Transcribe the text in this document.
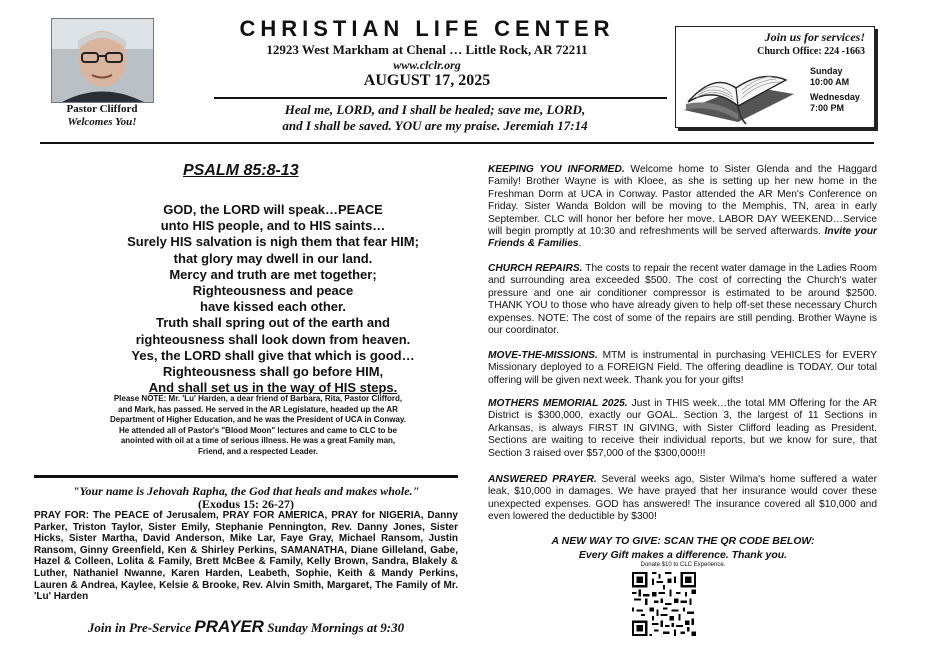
Pastor Clifford
Welcomes You!
CHRISTIAN LIFE CENTER
12923 West Markham at Chenal … Little Rock, AR 72211
www.clclr.org
AUGUST 17, 2025
Heal me, LORD, and I shall be healed; save me, LORD,
and I shall be saved. YOU are my praise. Jeremiah 17:14
Join us for services!
Church Office: 224 -1663
Sunday
10:00 AM
Wednesday
7:00 PM
PSALM 85:8-13
GOD, the LORD will speak…PEACE
unto HIS people, and to HIS saints…
Surely HIS salvation is nigh them that fear HIM;
that glory may dwell in our land.
Mercy and truth are met together;
Righteousness and peace
have kissed each other.
Truth shall spring out of the earth and
righteousness shall look down from heaven.
Yes, the LORD shall give that which is good…
Righteousness shall go before HIM,
And shall set us in the way of HIS steps.
Please NOTE: Mr. 'Lu' Harden, a dear friend of Barbara, Rita, Pastor Clifford, and Mark, has passed. He served in the AR Legislature, headed up the AR Department of Higher Education, and he was the President of UCA in Conway. He attended all of Pastor's "Blood Moon" lectures and came to CLC to be anointed with oil at a time of serious illness. He was a great Family man, Friend, and a respected Leader.
"Your name is Jehovah Rapha, the God that heals and makes whole."
(Exodus 15: 26-27)
PRAY FOR: The PEACE of Jerusalem, PRAY FOR AMERICA, PRAY for NIGERIA, Danny Parker, Triston Taylor, Sister Emily, Stephanie Pennington, Rev. Danny Jones, Sister Hicks, Sister Martha, David Anderson, Mike Lar, Faye Gray, Michael Ransom, Justin Ransom, Ginny Greenfield, Ken & Shirley Perkins, SAMANATHA, Diane Gilleland, Gabe, Hazel & Colleen, Lolita & Family, Brett McBee & Family, Kelly Brown, Sandra, Blakely & Luther, Nathaniel Nwanne, Karen Harden, Leabeth, Sophie, Keith & Mandy Perkins, Lauren & Andrea, Kaylee, Kelsie & Brooke, Rev. Alvin Smith, Margaret, The Family of Mr. 'Lu' Harden
Join in Pre-Service PRAYER Sunday Mornings at 9:30
KEEPING YOU INFORMED. Welcome home to Sister Glenda and the Haggard Family! Brother Wayne is with Kloee, as she is setting up her new home in the Freshman Dorm at UCA in Conway. Pastor attended the AR Men's Conference on Friday. Sister Wanda Boldon will be moving to the Memphis, TN, area in early September. CLC will honor her before her move. LABOR DAY WEEKEND…Service will begin promptly at 10:30 and refreshments will be served afterwards. Invite your Friends & Families.
CHURCH REPAIRS. The costs to repair the recent water damage in the Ladies Room and surrounding area exceeded $500. The cost of correcting the Church's water pressure and one air conditioner compressor is estimated to be around $2500. THANK YOU to those who have already given to help off-set these necessary Church expenses. NOTE: The cost of some of the repairs are still pending. Brother Wayne is our coordinator.
MOVE-THE-MISSIONS. MTM is instrumental in purchasing VEHICLES for EVERY Missionary deployed to a FOREIGN Field. The offering deadline is TODAY. Our total offering will be given next week. Thank you for your gifts!
MOTHERS MEMORIAL 2025. Just in THIS week…the total MM Offering for the AR District is $300,000, exactly our GOAL. Section 3, the largest of 11 Sections in Arkansas, is always FIRST IN GIVING, with Sister Clifford leading as President. Sections are waiting to receive their individual reports, but we know for sure, that Section 3 raised over $57,000 of the $300,000!!!
ANSWERED PRAYER. Several weeks ago, Sister Wilma's home suffered a water leak, $10,000 in damages. We have prayed that her insurance would cover these unexpected expenses. GOD has answered! The insurance covered all $10,000 and even lowered the deductible by $300!
A NEW WAY TO GIVE: SCAN THE QR CODE BELOW:
Every Gift makes a difference. Thank you.
Donate $10 to CLC Experience.
